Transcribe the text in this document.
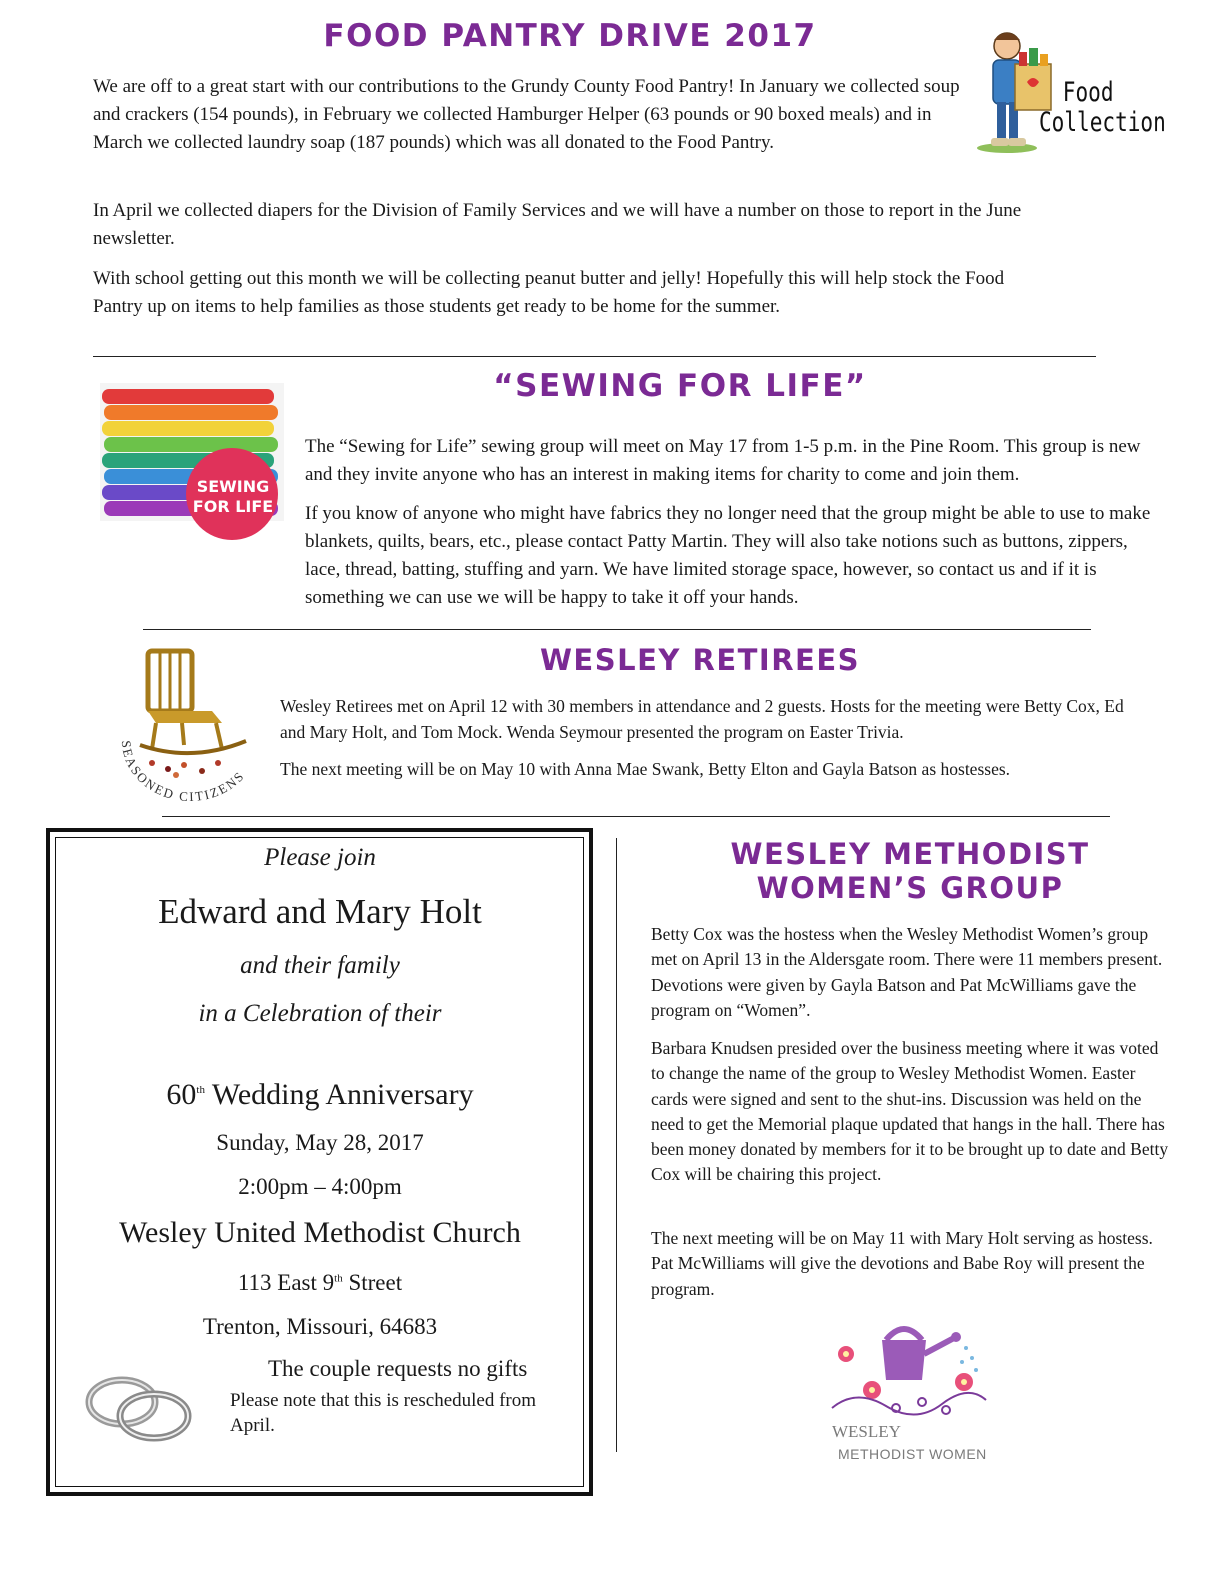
FOOD PANTRY DRIVE 2017
Food
Collection

We are off to a great start with our contributions to the Grundy County Food Pantry! In January we collected soup and crackers (154 pounds), in February we collected Hamburger Helper (63 pounds or 90 boxed meals) and in March we collected laundry soap (187 pounds) which was all donated to the Food Pantry.

In April we collected diapers for the Division of Family Services and we will have a number on those to report in the June newsletter.

With school getting out this month we will be collecting peanut butter and jelly! Hopefully this will help stock the Food Pantry up on items to help families as those students get ready to be home for the summer.

SEWING
FOR LIFE
“SEWING FOR LIFE”

The “Sewing for Life” sewing group will meet on May 17 from 1-5 p.m. in the Pine Room. This group is new and they invite anyone who has an interest in making items for charity to come and join them.

If you know of anyone who might have fabrics they no longer need that the group might be able to use to make blankets, quilts, bears, etc., please contact Patty Martin. They will also take notions such as buttons, zippers, lace, thread, batting, stuffing and yarn. We have limited storage space, however, so contact us and if it is something we can use we will be happy to take it off your hands.

SEASONED CITIZENS
WESLEY RETIREES

Wesley Retirees met on April 12 with 30 members in attendance and 2 guests. Hosts for the meeting were Betty Cox, Ed and Mary Holt, and Tom Mock. Wenda Seymour presented the program on Easter Trivia.

The next meeting will be on May 10 with Anna Mae Swank, Betty Elton and Gayla Batson as hostesses.

Please join

Edward and Mary Holt

and their family

in a Celebration of their

60th Wedding Anniversary

Sunday, May 28, 2017

2:00pm – 4:00pm

Wesley United Methodist Church

113 East 9th Street

Trenton, Missouri, 64683

The couple requests no gifts

Please note that this is rescheduled from April.

WESLEY METHODIST
WOMEN’S GROUP

Betty Cox was the hostess when the Wesley Methodist Women’s group met on April 13 in the Aldersgate room. There were 11 members present. Devotions were given by Gayla Batson and Pat McWilliams gave the program on “Women”.

Barbara Knudsen presided over the business meeting where it was voted to change the name of the group to Wesley Methodist Women. Easter cards were signed and sent to the shut-ins. Discussion was held on the need to get the Memorial plaque updated that hangs in the hall. There has been money donated by members for it to be brought up to date and Betty Cox will be chairing this project.

The next meeting will be on May 11 with Mary Holt serving as hostess. Pat McWilliams will give the devotions and Babe Roy will present the program.

WESLEY
METHODIST WOMEN
